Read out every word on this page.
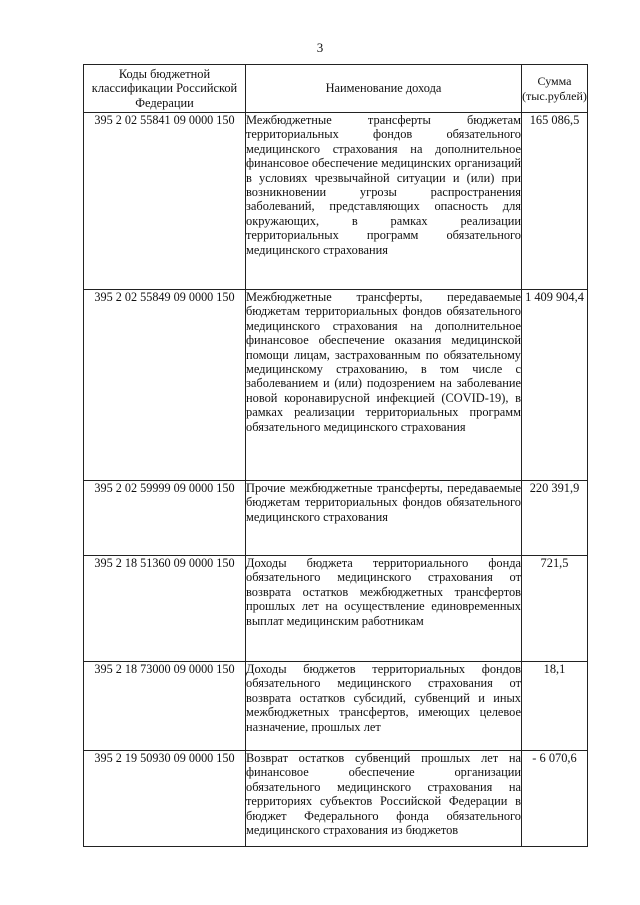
3
Коды бюджетной классификации Российской Федерации	Наименование дохода	Сумма (тыс.рублей)
395 2 02 55841 09 0000 150	Межбюджетные трансферты бюджетам территориальных фондов обязательного медицинского страхования на дополнительное финансовое обеспечение медицинских организаций в условиях чрезвычайной ситуации и (или) при возникновении угрозы распространения заболеваний, представляющих опасность для окружающих, в рамках реализации территориальных программ обязательного медицинского страхования	165 086,5
395 2 02 55849 09 0000 150	Межбюджетные трансферты, передаваемые бюджетам территориальных фондов обязательного медицинского страхования на дополнительное финансовое обеспечение оказания медицинской помощи лицам, застрахованным по обязательному медицинскому страхованию, в том числе с заболеванием и (или) подозрением на заболевание новой коронавирусной инфекцией (COVID-19), в рамках реализации территориальных программ обязательного медицинского страхования	1 409 904,4
395 2 02 59999 09 0000 150	Прочие межбюджетные трансферты, передаваемые бюджетам территориальных фондов обязательного медицинского страхования	220 391,9
395 2 18 51360 09 0000 150	Доходы бюджета территориального фонда обязательного медицинского страхования от возврата остатков межбюджетных трансфертов прошлых лет на осуществление единовременных выплат медицинским работникам	721,5
395 2 18 73000 09 0000 150	Доходы бюджетов территориальных фондов обязательного медицинского страхования от возврата остатков субсидий, субвенций и иных межбюджетных трансфертов, имеющих целевое назначение, прошлых лет	18,1
395 2 19 50930 09 0000 150	Возврат остатков субвенций прошлых лет на финансовое обеспечение организации обязательного медицинского страхования на территориях субъектов Российской Федерации в бюджет Федерального фонда обязательного медицинского страхования из бюджетов	- 6 070,6
